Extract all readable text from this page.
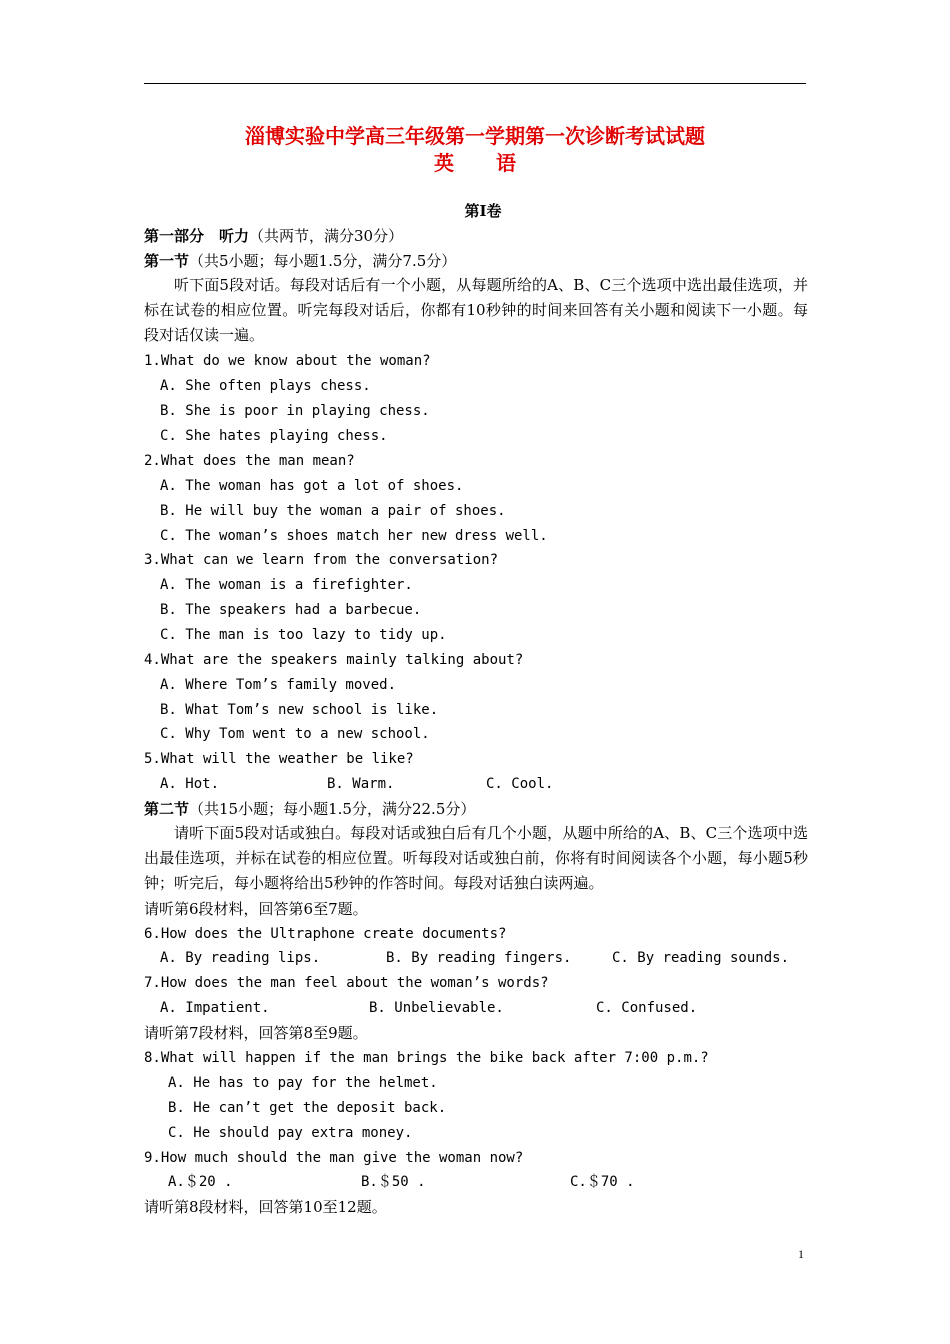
淄博实验中学高三年级第一学期第一次诊断考试试题
英 语
第Ⅰ卷
第一部分　听力（共两节，满分30分）
第一节（共5小题；每小题1.5分，满分7.5分）
听下面5段对话。每段对话后有一个小题，从每题所给的A、B、C三个选项中选出最佳选项，并标在试卷的相应位置。听完每段对话后，你都有10秒钟的时间来回答有关小题和阅读下一小题。每段对话仅读一遍。
1.What do we know about the woman?
A. She often plays chess.
B. She is poor in playing chess.
C. She hates playing chess.
2.What does the man mean?
A. The woman has got a lot of shoes.
B. He will buy the woman a pair of shoes.
C. The woman’s shoes match her new dress well.
3.What can we learn from the conversation?
A. The woman is a firefighter.
B. The speakers had a barbecue.
C. The man is too lazy to tidy up.
4.What are the speakers mainly talking about?
A. Where Tom’s family moved.
B. What Tom’s new school is like.
C. Why Tom went to a new school.
5.What will the weather be like?
A. Hot.	B. Warm.	C. Cool.
第二节（共15小题；每小题1.5分，满分22.5分）
请听下面5段对话或独白。每段对话或独白后有几个小题，从题中所给的A、B、C三个选项中选出最佳选项，并标在试卷的相应位置。听每段对话或独白前，你将有时间阅读各个小题，每小题5秒钟；听完后，每小题将给出5秒钟的作答时间。每段对话独白读两遍。
请听第6段材料，回答第6至7题。
6.How does the Ultraphone create documents?
A. By reading lips.	B. By reading fingers.	C. By reading sounds.
7.How does the man feel about the woman’s words?
A. Impatient.	B. Unbelievable.	C. Confused.
请听第7段材料，回答第8至9题。
8.What will happen if the man brings the bike back after 7:00 p.m.?
A. He has to pay for the helmet.
B. He can’t get the deposit back.
C. He should pay extra money.
9.How much should the man give the woman now?
A.＄20 .	B.＄50 .	C.＄70 .
请听第8段材料，回答第10至12题。
1
